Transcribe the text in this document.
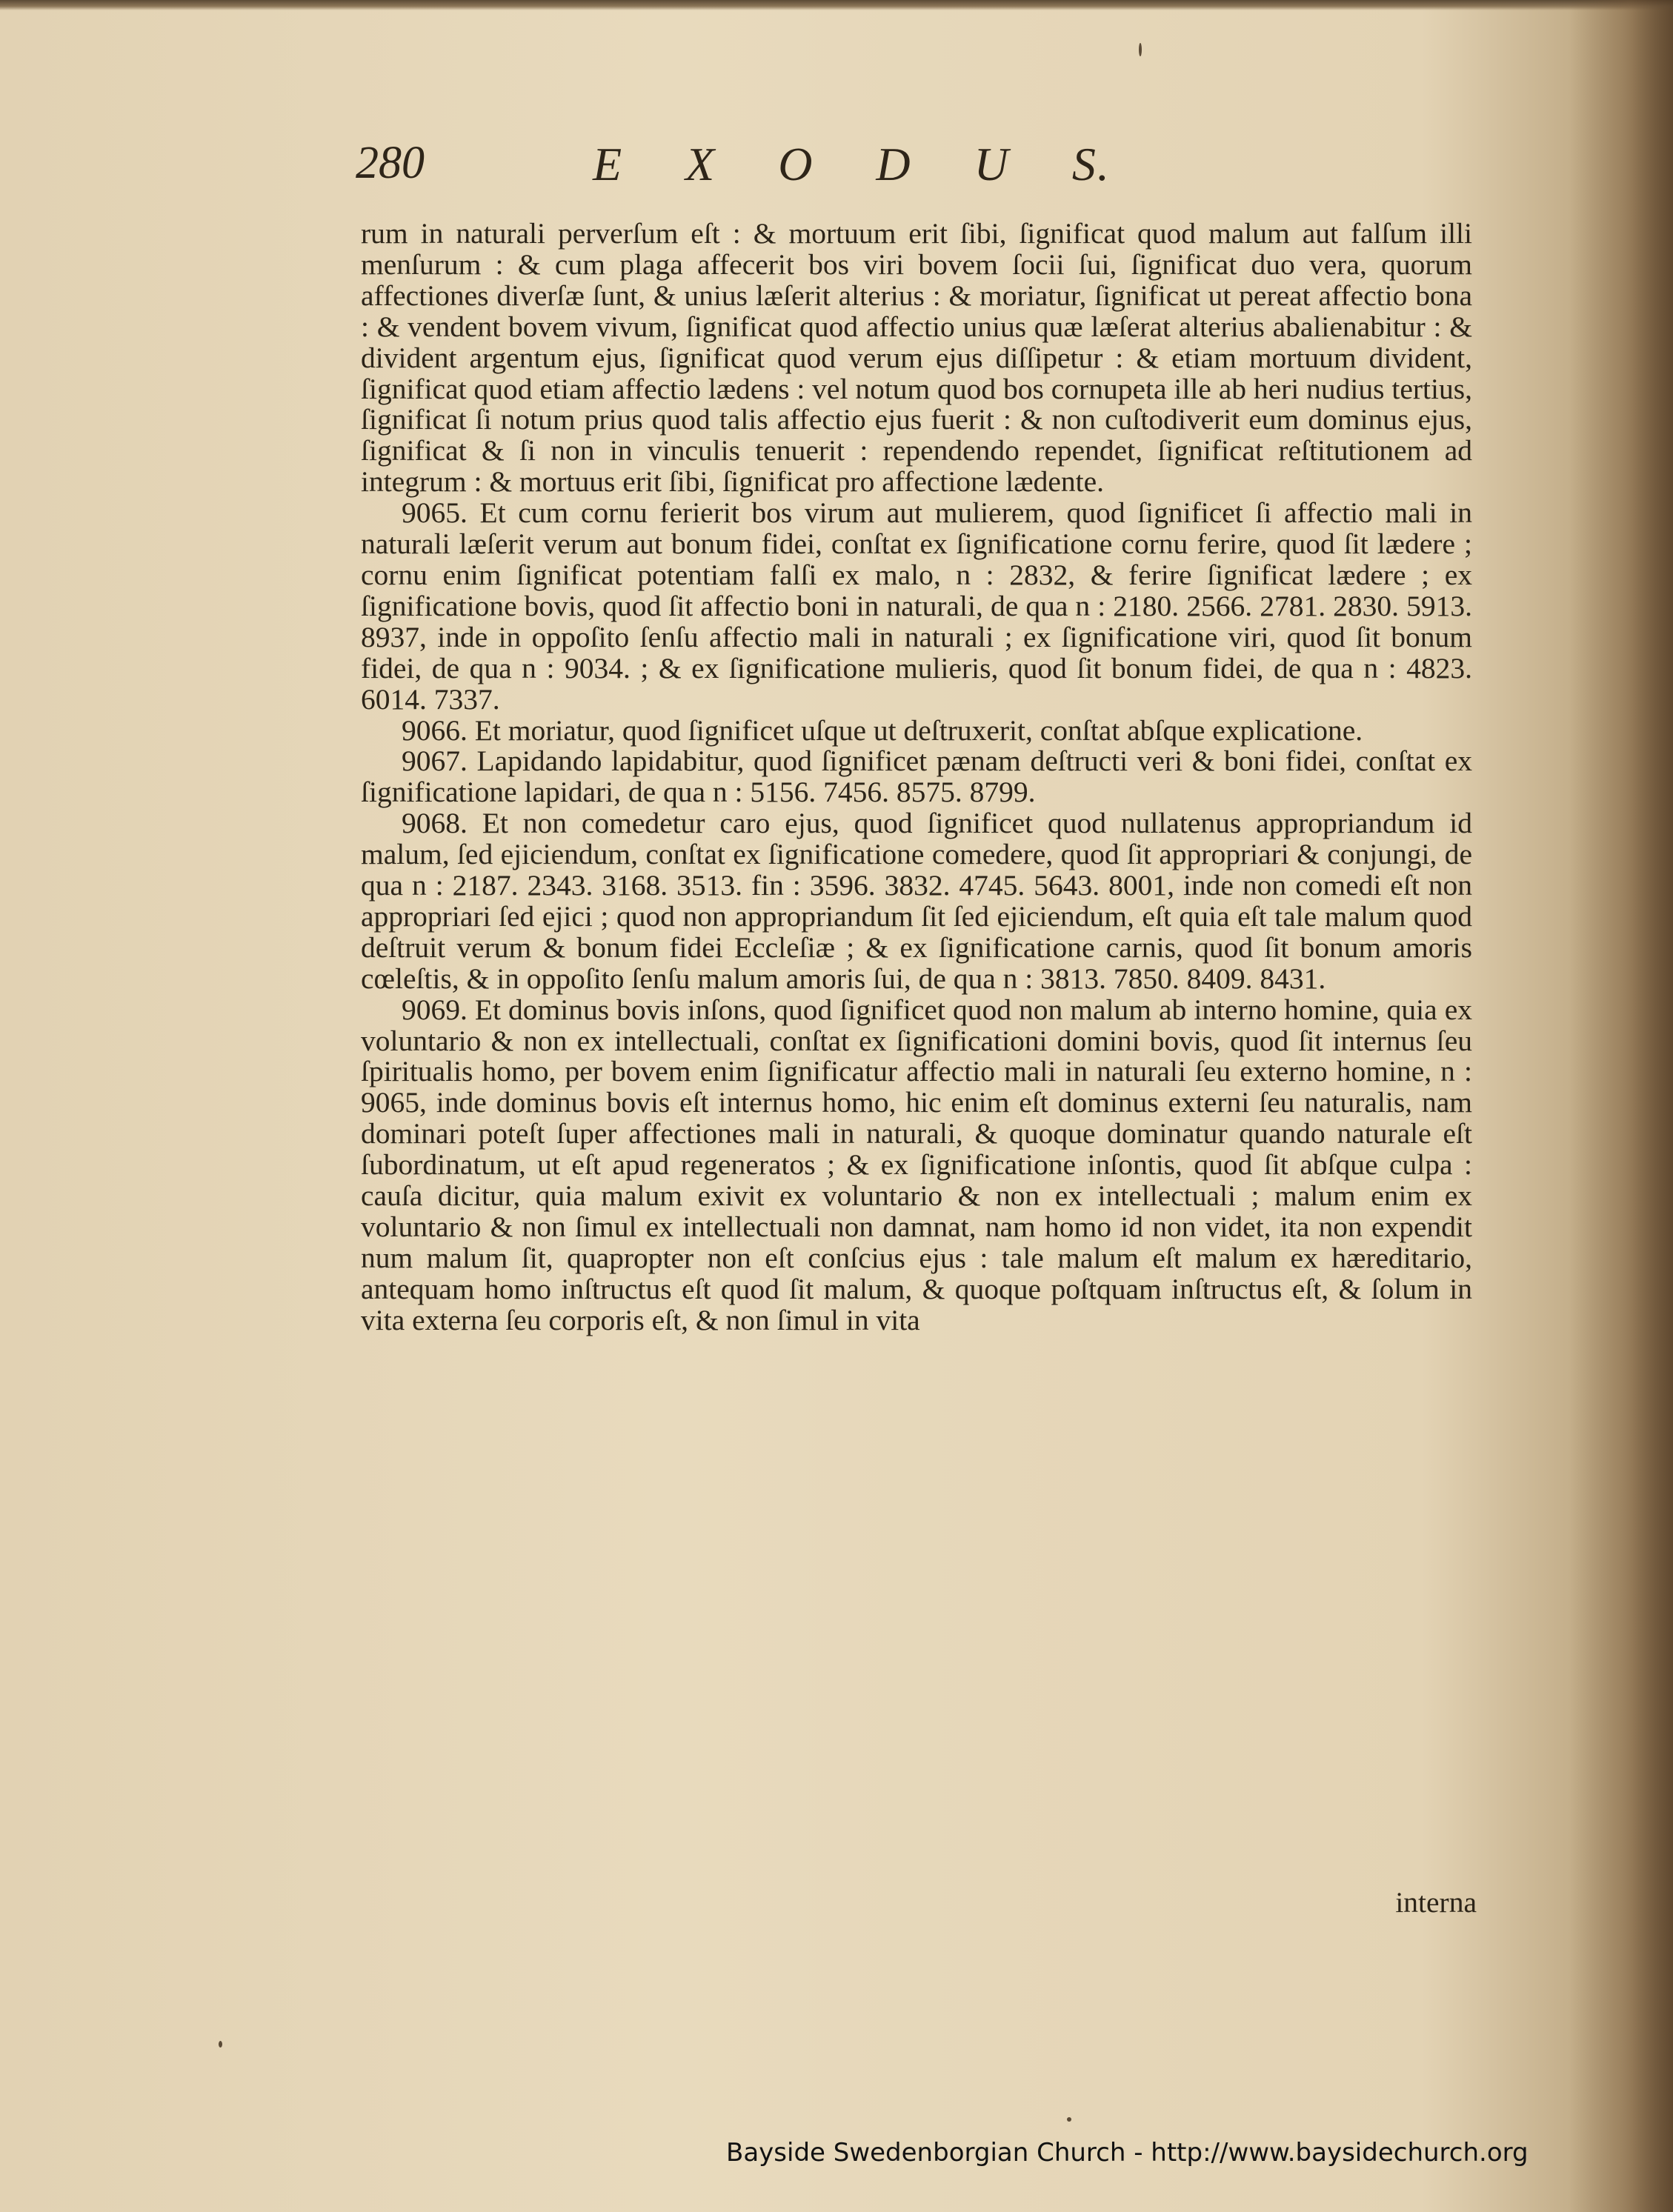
280	E X O D U S.

rum in naturali perverſum eſt : & mortuum erit ſibi, ſignificat quod malum aut falſum illi menſurum : & cum plaga affecerit bos viri bovem ſocii ſui, ſignificat duo vera, quorum affectiones diverſæ ſunt, & unius læſerit alterius : & moriatur, ſignificat ut pereat affectio bona : & vendent bovem vivum, ſignificat quod affectio unius quæ læſerat alterius abalienabitur : & divident argentum ejus, ſignificat quod verum ejus diſſipetur : & etiam mortuum divident, ſignificat quod etiam affectio lædens : vel notum quod bos cornupeta ille ab heri nudius tertius, ſignificat ſi notum prius quod talis affectio ejus fuerit : & non cuſtodiverit eum dominus ejus, ſignificat & ſi non in vinculis tenuerit : rependendo rependet, ſignificat reſtitutionem ad integrum : & mortuus erit ſibi, ſignificat pro affectione lædente.

9065. Et cum cornu ferierit bos virum aut mulierem, quod ſignificet ſi affectio mali in naturali læſerit verum aut bonum fidei, conſtat ex ſignificatione cornu ferire, quod ſit lædere ; cornu enim ſignificat potentiam falſi ex malo, n : 2832, & ferire ſignificat lædere ; ex ſignificatione bovis, quod ſit affectio boni in naturali, de qua n : 2180. 2566. 2781. 2830. 5913. 8937, inde in oppoſito ſenſu affectio mali in naturali ; ex ſignificatione viri, quod ſit bonum fidei, de qua n : 9034. ; & ex ſignificatione mulieris, quod ſit bonum fidei, de qua n : 4823. 6014. 7337.

9066. Et moriatur, quod ſignificet uſque ut deſtruxerit, conſtat abſque explicatione.

9067. Lapidando lapidabitur, quod ſignificet pænam deſtructi veri & boni fidei, conſtat ex ſignificatione lapidari, de qua n : 5156. 7456. 8575. 8799.

9068. Et non comedetur caro ejus, quod ſignificet quod nullatenus appropriandum id malum, ſed ejiciendum, conſtat ex ſignificatione comedere, quod ſit appropriari & conjungi, de qua n : 2187. 2343. 3168. 3513. fin : 3596. 3832. 4745. 5643. 8001, inde non comedi eſt non appropriari ſed ejici ; quod non appropriandum ſit ſed ejiciendum, eſt quia eſt tale malum quod deſtruit verum & bonum fidei Eccleſiæ ; & ex ſignificatione carnis, quod ſit bonum amoris cœleſtis, & in oppoſito ſenſu malum amoris ſui, de qua n : 3813. 7850. 8409. 8431.

9069. Et dominus bovis inſons, quod ſignificet quod non malum ab interno homine, quia ex voluntario & non ex intellectuali, conſtat ex ſignificationi domini bovis, quod ſit internus ſeu ſpiritualis homo, per bovem enim ſignificatur affectio mali in naturali ſeu externo homine, n : 9065, inde dominus bovis eſt internus homo, hic enim eſt dominus externi ſeu naturalis, nam dominari poteſt ſuper affectiones mali in naturali, & quoque dominatur quando naturale eſt ſubordinatum, ut eſt apud regeneratos ; & ex ſignificatione inſontis, quod ſit abſque culpa : cauſa dicitur, quia malum exivit ex voluntario & non ex intellectuali ; malum enim ex voluntario & non ſimul ex intellectuali non damnat, nam homo id non videt, ita non expendit num malum ſit, quapropter non eſt conſcius ejus : tale malum eſt malum ex hæreditario, antequam homo inſtructus eſt quod ſit malum, & quoque poſtquam inſtructus eſt, & ſolum in vita externa ſeu corporis eſt, & non ſimul in vita

interna
Bayside Swedenborgian Church - http://www.baysidechurch.org
